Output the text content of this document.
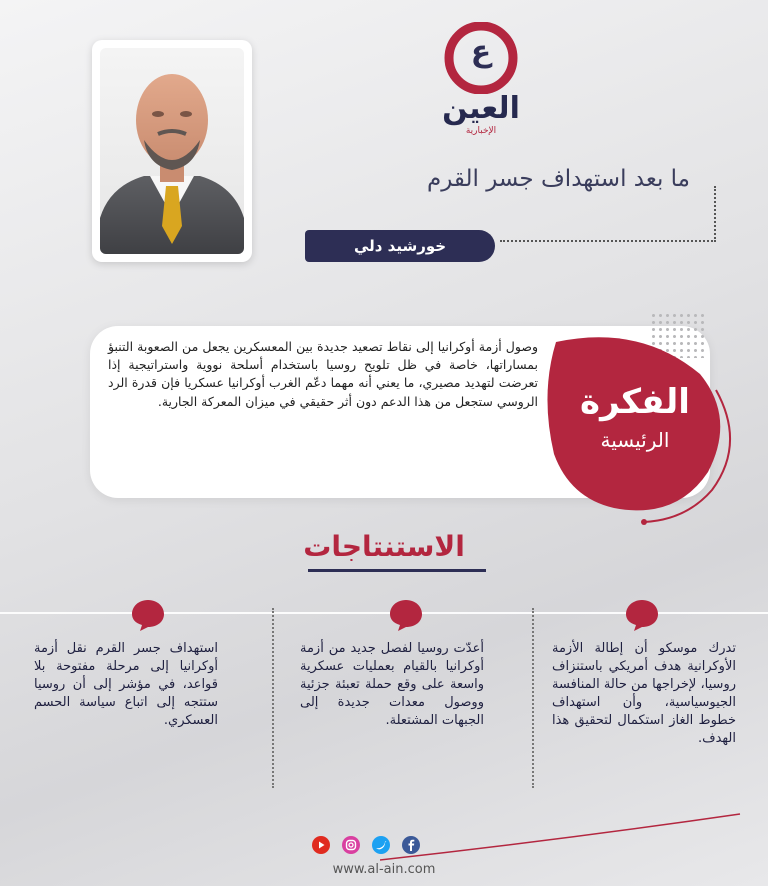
ع
العين
الإخبارية
ما بعد استهداف جسر القرم
خورشيد دلي
وصول أزمة أوكرانيا إلى نقاط تصعيد جديدة بين المعسكرين يجعل من الصعوبة التنبؤ بمساراتها، خاصة في ظل تلويح روسيا باستخدام أسلحة نووية واستراتيجية إذا تعرضت لتهديد مصيري، ما يعني أنه مهما دعّم الغرب أوكرانيا عسكريا فإن قدرة الرد الروسي ستجعل من هذا الدعم دون أثر حقيقي في ميزان المعركة الجارية.	الفكرة
الرئيسية
الاستنتاجات
تدرك موسكو أن إطالة الأزمة الأوكرانية هدف أمريكي باستنزاف روسيا، لإخراجها من حالة المنافسة الجيوسياسية، وأن استهداف خطوط الغاز استكمال لتحقيق هذا الهدف.
أعدّت روسيا لفصل جديد من أزمة أوكرانيا بالقيام بعمليات عسكرية واسعة على وقع حملة تعبئة جزئية ووصول معدات جديدة إلى الجبهات المشتعلة.
استهداف جسر القرم نقل أزمة أوكرانيا إلى مرحلة مفتوحة بلا قواعد، في مؤشر إلى أن روسيا ستتجه إلى اتباع سياسة الحسم العسكري.
www.al-ain.com
